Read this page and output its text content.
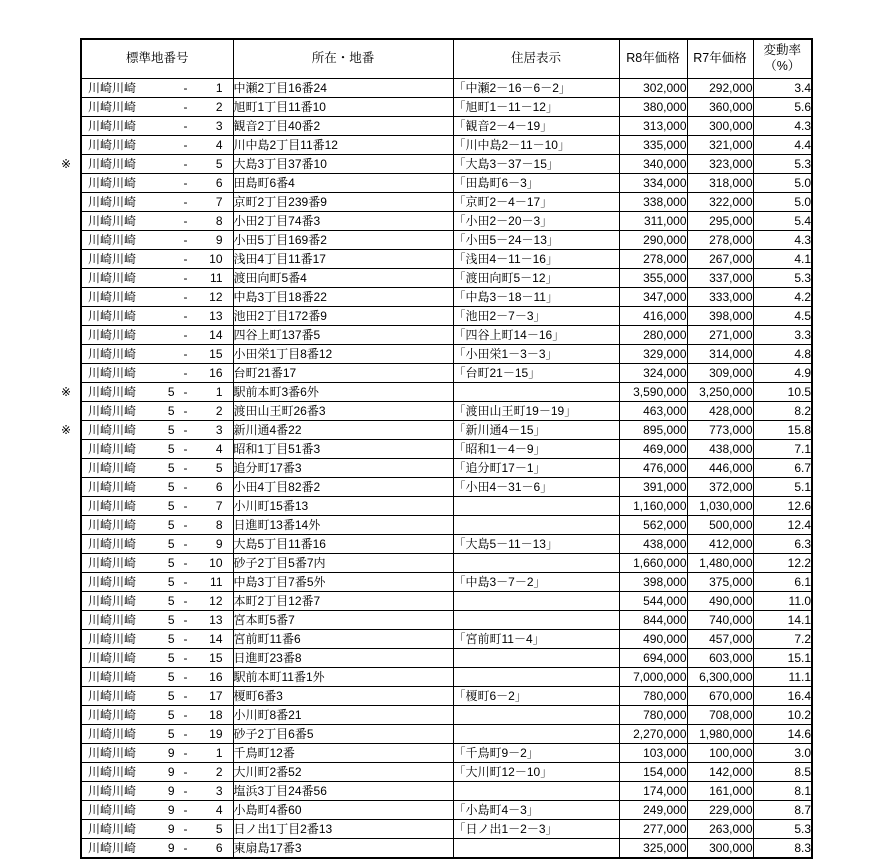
標準地番号	所在・地番	住居表示	R8年価格	R7年価格	変動率
（%）

川崎川崎 - 1	中瀬2丁目16番24	「中瀬2－16－6－2」	302,000	292,000	3.4

川崎川崎 - 2	旭町1丁目11番10	「旭町1－11－12」	380,000	360,000	5.6

川崎川崎 - 3	観音2丁目40番2	「観音2－4－19」	313,000	300,000	4.3

川崎川崎 - 4	川中島2丁目11番12	「川中島2－11－10」	335,000	321,000	4.4

※ 川崎川崎 - 5	大島3丁目37番10	「大島3－37－15」	340,000	323,000	5.3

川崎川崎 - 6	田島町6番4	「田島町6－3」	334,000	318,000	5.0

川崎川崎 - 7	京町2丁目239番9	「京町2－4－17」	338,000	322,000	5.0

川崎川崎 - 8	小田2丁目74番3	「小田2－20－3」	311,000	295,000	5.4

川崎川崎 - 9	小田5丁目169番2	「小田5－24－13」	290,000	278,000	4.3

川崎川崎 - 10	浅田4丁目11番17	「浅田4－11－16」	278,000	267,000	4.1

川崎川崎 - 11	渡田向町5番4	「渡田向町5－12」	355,000	337,000	5.3

川崎川崎 - 12	中島3丁目18番22	「中島3－18－11」	347,000	333,000	4.2

川崎川崎 - 13	池田2丁目172番9	「池田2－7－3」	416,000	398,000	4.5

川崎川崎 - 14	四谷上町137番5	「四谷上町14－16」	280,000	271,000	3.3

川崎川崎 - 15	小田栄1丁目8番12	「小田栄1－3－3」	329,000	314,000	4.8

川崎川崎 - 16	台町21番17	「台町21－15」	324,000	309,000	4.9

※ 川崎川崎 5 - 1	駅前本町3番6外		3,590,000	3,250,000	10.5

川崎川崎 5 - 2	渡田山王町26番3	「渡田山王町19－19」	463,000	428,000	8.2

※ 川崎川崎 5 - 3	新川通4番22	「新川通4－15」	895,000	773,000	15.8

川崎川崎 5 - 4	昭和1丁目51番3	「昭和1－4－9」	469,000	438,000	7.1

川崎川崎 5 - 5	追分町17番3	「追分町17－1」	476,000	446,000	6.7

川崎川崎 5 - 6	小田4丁目82番2	「小田4－31－6」	391,000	372,000	5.1

川崎川崎 5 - 7	小川町15番13		1,160,000	1,030,000	12.6

川崎川崎 5 - 8	日進町13番14外		562,000	500,000	12.4

川崎川崎 5 - 9	大島5丁目11番16	「大島5－11－13」	438,000	412,000	6.3

川崎川崎 5 - 10	砂子2丁目5番7内		1,660,000	1,480,000	12.2

川崎川崎 5 - 11	中島3丁目7番5外	「中島3－7－2」	398,000	375,000	6.1

川崎川崎 5 - 12	本町2丁目12番7		544,000	490,000	11.0

川崎川崎 5 - 13	宮本町5番7		844,000	740,000	14.1

川崎川崎 5 - 14	宮前町11番6	「宮前町11－4」	490,000	457,000	7.2

川崎川崎 5 - 15	日進町23番8		694,000	603,000	15.1

川崎川崎 5 - 16	駅前本町11番1外		7,000,000	6,300,000	11.1

川崎川崎 5 - 17	榎町6番3	「榎町6－2」	780,000	670,000	16.4

川崎川崎 5 - 18	小川町8番21		780,000	708,000	10.2

川崎川崎 5 - 19	砂子2丁目6番5		2,270,000	1,980,000	14.6

川崎川崎 9 - 1	千鳥町12番	「千鳥町9－2」	103,000	100,000	3.0

川崎川崎 9 - 2	大川町2番52	「大川町12－10」	154,000	142,000	8.5

川崎川崎 9 - 3	塩浜3丁目24番56		174,000	161,000	8.1

川崎川崎 9 - 4	小島町4番60	「小島町4－3」	249,000	229,000	8.7

川崎川崎 9 - 5	日ノ出1丁目2番13	「日ノ出1－2－3」	277,000	263,000	5.3

川崎川崎 9 - 6	東扇島17番3		325,000	300,000	8.3
